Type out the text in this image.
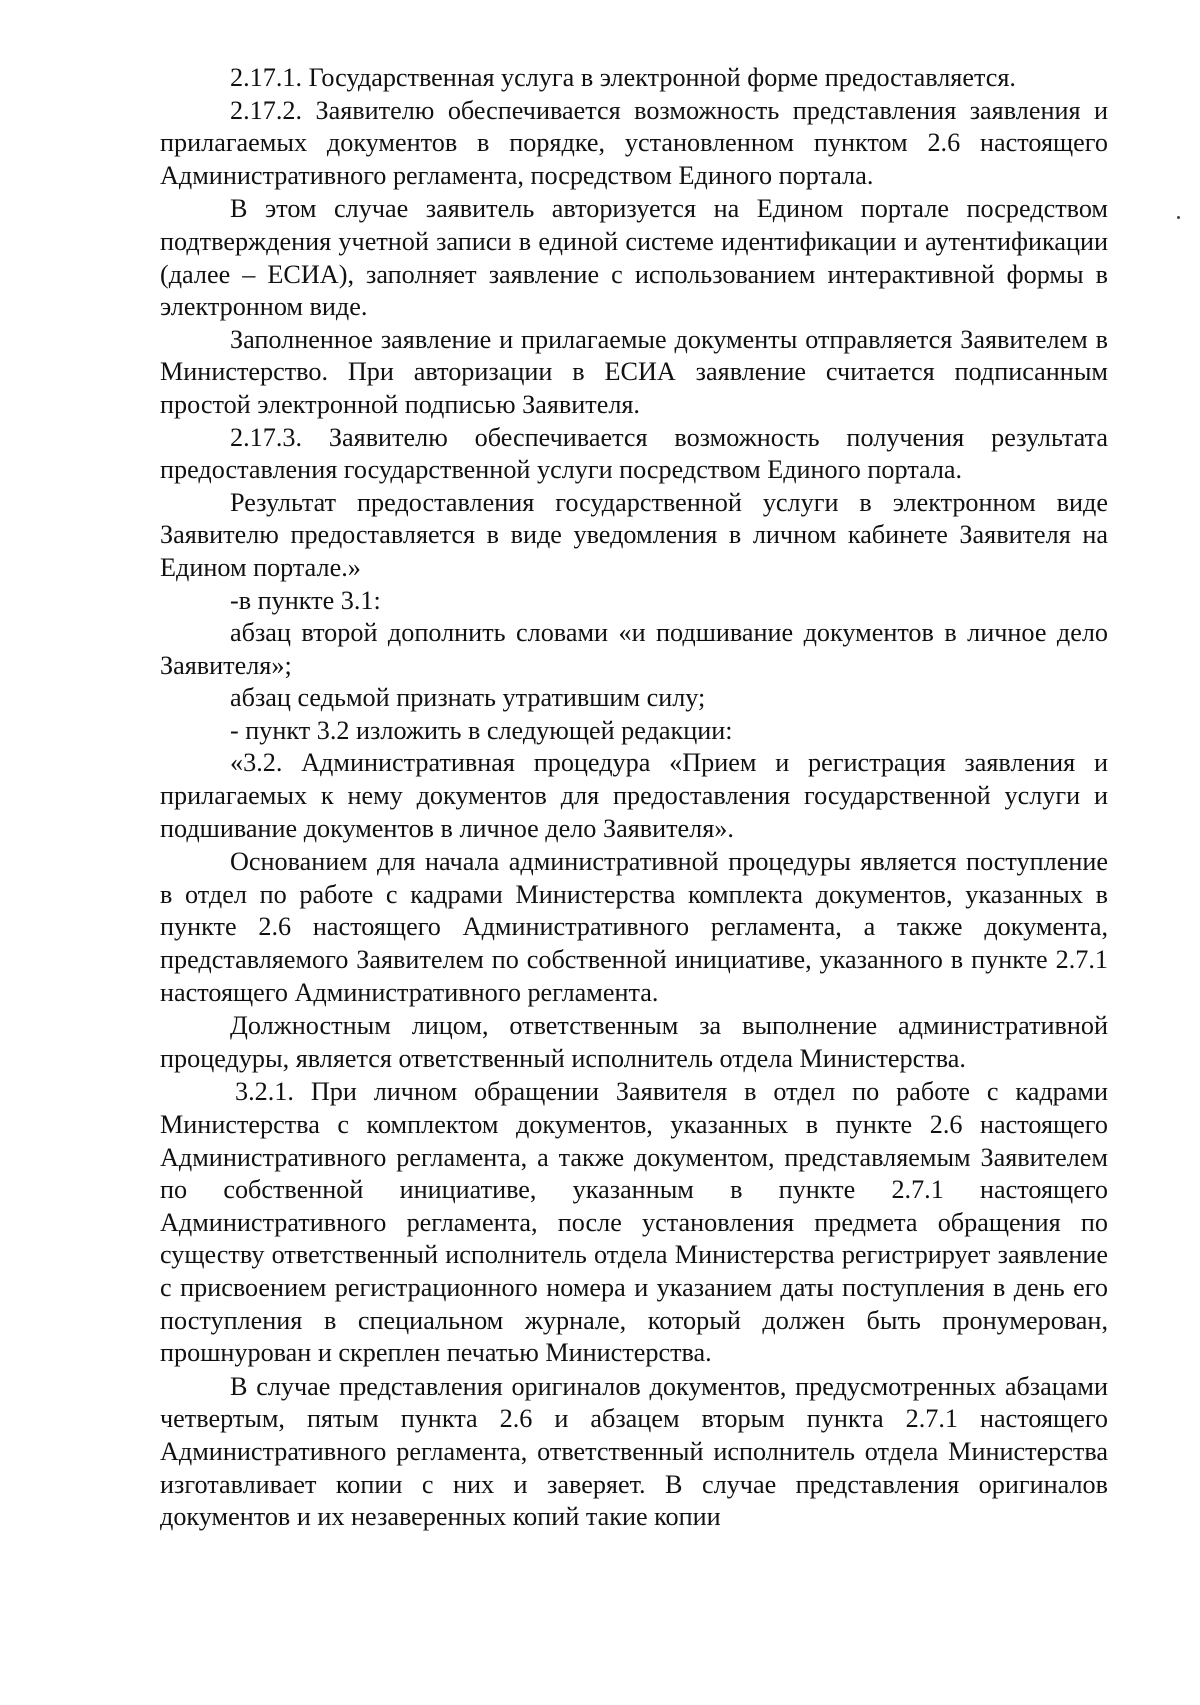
2.17.1. Государственная услуга в электронной форме предоставляется.

2.17.2. Заявителю обеспечивается возможность представления заявления и прилагаемых документов в порядке, установленном пунктом 2.6 настоящего Административного регламента, посредством Единого портала.

В этом случае заявитель авторизуется на Едином портале посредством подтверждения учетной записи в единой системе идентификации и аутентификации (далее – ЕСИА), заполняет заявление с использованием интерактивной формы в электронном виде.

Заполненное заявление и прилагаемые документы отправляется Заявителем в Министерство. При авторизации в ЕСИА заявление считается подписанным простой электронной подписью Заявителя.

2.17.3. Заявителю обеспечивается возможность получения результата предоставления государственной услуги посредством Единого портала.

Результат предоставления государственной услуги в электронном виде Заявителю предоставляется в виде уведомления в личном кабинете Заявителя на Едином портале.»

-в пункте 3.1:

абзац второй дополнить словами «и подшивание документов в личное дело Заявителя»;

абзац седьмой признать утратившим силу;

- пункт 3.2 изложить в следующей редакции:

«3.2. Административная процедура «Прием и регистрация заявления и прилагаемых к нему документов для предоставления государственной услуги и подшивание документов в личное дело Заявителя».

Основанием для начала административной процедуры является поступление в отдел по работе с кадрами Министерства комплекта документов, указанных в пункте 2.6 настоящего Административного регламента, а также документа, представляемого Заявителем по собственной инициативе, указанного в пункте 2.7.1 настоящего Административного регламента.

Должностным лицом, ответственным за выполнение административной процедуры, является ответственный исполнитель отдела Министерства.

3.2.1. При личном обращении Заявителя в отдел по работе с кадрами Министерства с комплектом документов, указанных в пункте 2.6 настоящего Административного регламента, а также документом, представляемым Заявителем по собственной инициативе, указанным в пункте 2.7.1 настоящего Административного регламента, после установления предмета обращения по существу ответственный исполнитель отдела Министерства регистрирует заявление с присвоением регистрационного номера и указанием даты поступления в день его поступления в специальном журнале, который должен быть пронумерован, прошнурован и скреплен печатью Министерства.

В случае представления оригиналов документов, предусмотренных абзацами четвертым, пятым пункта 2.6 и абзацем вторым пункта 2.7.1 настоящего Административного регламента, ответственный исполнитель отдела Министерства изготавливает копии с них и заверяет. В случае представления оригиналов документов и их незаверенных копий такие копии
